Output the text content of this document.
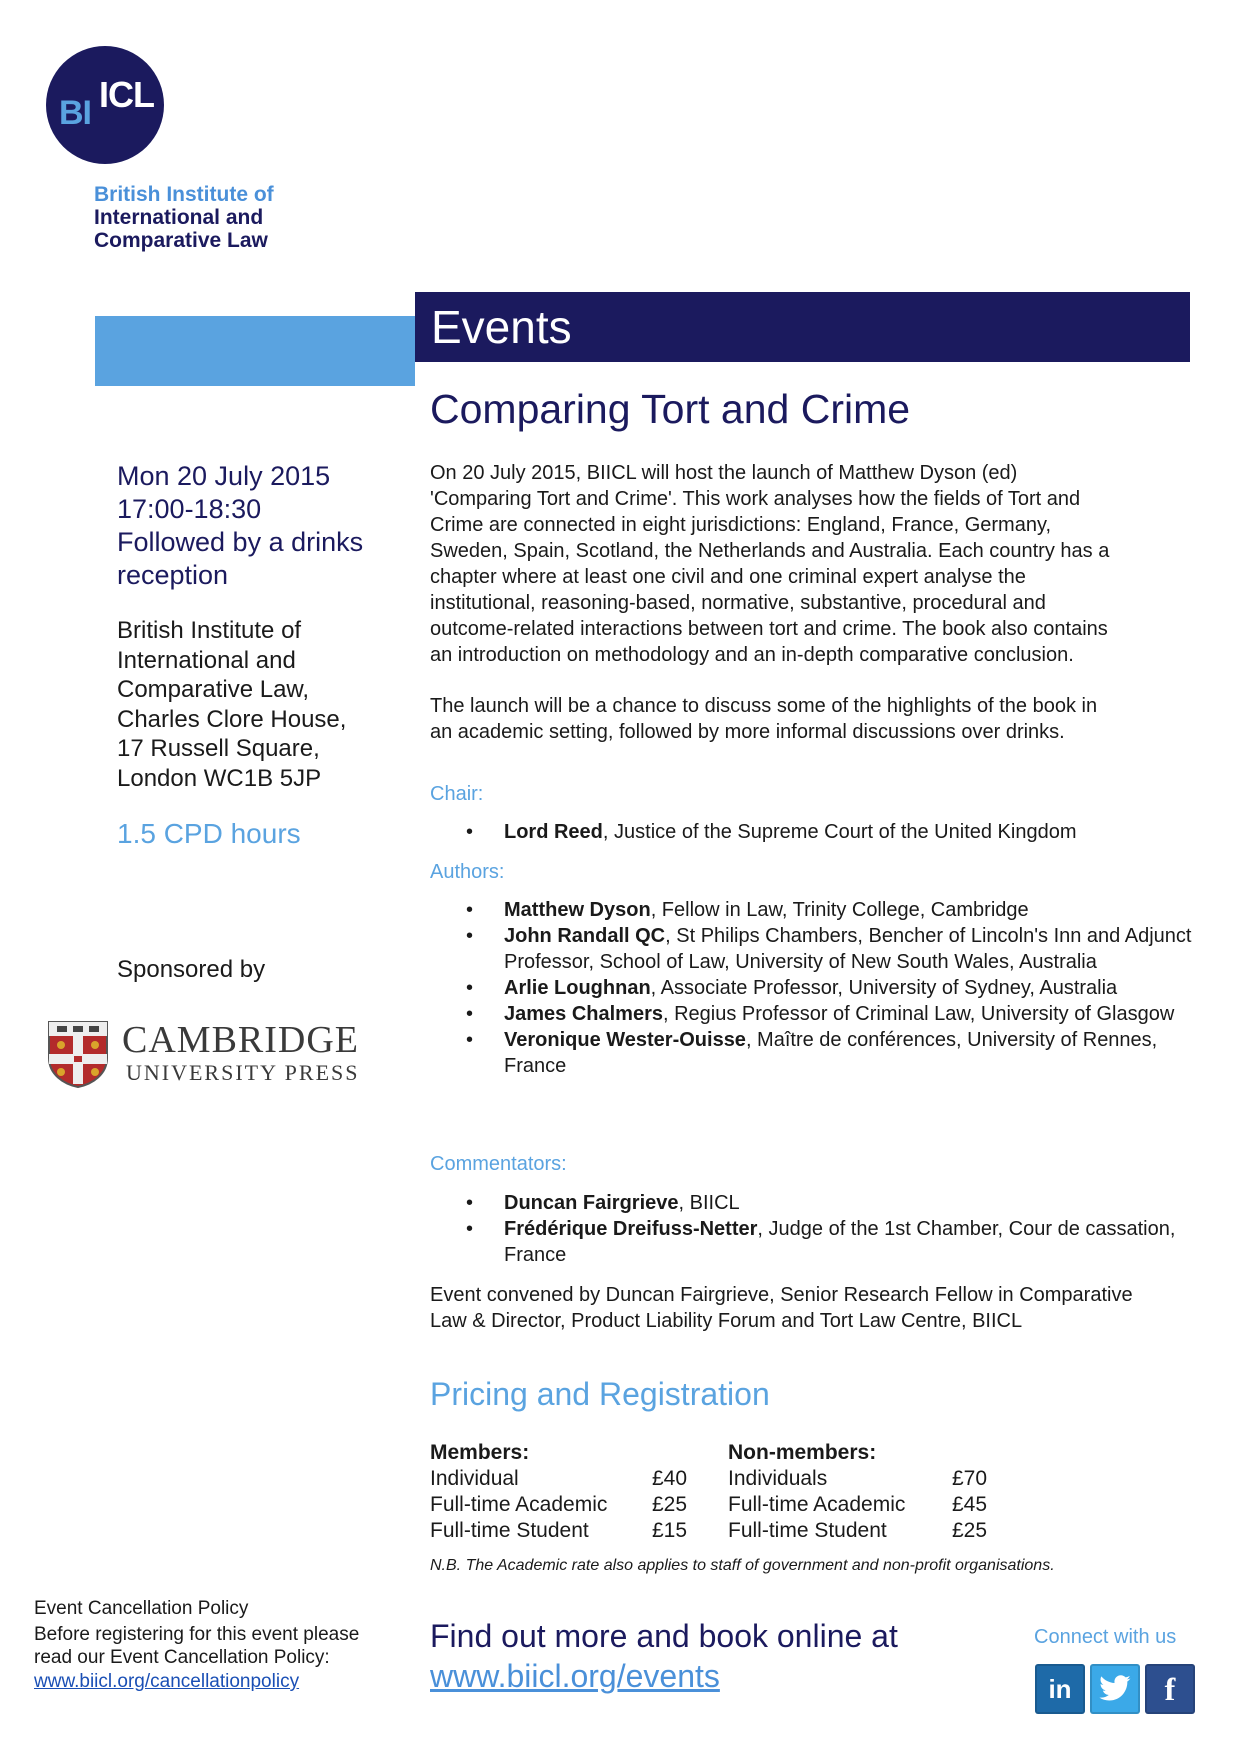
BI ICL
British Institute of
International and
Comparative Law
Events
Comparing Tort and Crime
Mon 20 July 2015
17:00-18:30
Followed by a drinks
reception
British Institute of
International and
Comparative Law,
Charles Clore House,
17 Russell Square,
London WC1B 5JP
1.5 CPD hours
Sponsored by
CAMBRIDGE
UNIVERSITY PRESS
Event Cancellation Policy
Before registering for this event please
read our Event Cancellation Policy:
www.biicl.org/cancellationpolicy
On 20 July 2015, BIICL will host the launch of Matthew Dyson (ed)
'Comparing Tort and Crime'. This work analyses how the fields of Tort and
Crime are connected in eight jurisdictions: England, France, Germany,
Sweden, Spain, Scotland, the Netherlands and Australia. Each country has a
chapter where at least one civil and one criminal expert analyse the
institutional, reasoning-based, normative, substantive, procedural and
outcome-related interactions between tort and crime. The book also contains
an introduction on methodology and an in-depth comparative conclusion.
The launch will be a chance to discuss some of the highlights of the book in
an academic setting, followed by more informal discussions over drinks.
Chair:
• Lord Reed, Justice of the Supreme Court of the United Kingdom
Authors:
• Matthew Dyson, Fellow in Law, Trinity College, Cambridge
• John Randall QC, St Philips Chambers, Bencher of Lincoln's Inn and Adjunct Professor, School of Law, University of New South Wales, Australia
• Arlie Loughnan, Associate Professor, University of Sydney, Australia
• James Chalmers, Regius Professor of Criminal Law, University of Glasgow
• Veronique Wester-Ouisse, Maître de conférences, University of Rennes, France
Commentators:
• Duncan Fairgrieve, BIICL
• Frédérique Dreifuss-Netter, Judge of the 1st Chamber, Cour de cassation, France
Event convened by Duncan Fairgrieve, Senior Research Fellow in Comparative
Law & Director, Product Liability Forum and Tort Law Centre, BIICL
Pricing and Registration
Members:
Individual	£40
Full-time Academic £25
Full-time Student	£15
Non-members:
Individuals	£70
Full-time Academic £45
Full-time Student	£25
N.B. The Academic rate also applies to staff of government and non-profit organisations.
Find out more and book online at
www.biicl.org/events
Connect with us
in	f
